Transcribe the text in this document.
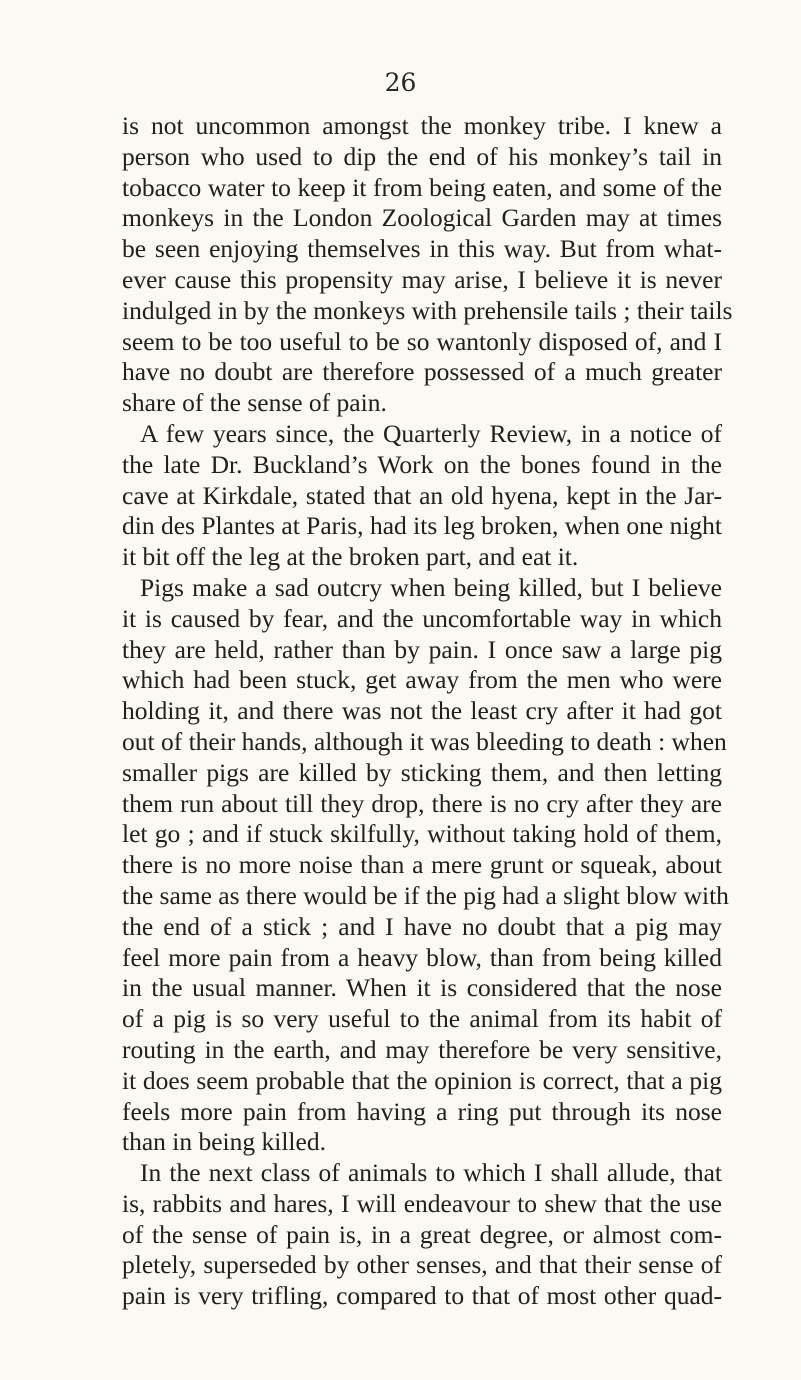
26
is not uncommon amongst the monkey tribe. I knew a
person who used to dip the end of his monkey’s tail in
tobacco water to keep it from being eaten, and some of the
monkeys in the London Zoological Garden may at times
be seen enjoying themselves in this way. But from what-
ever cause this propensity may arise, I believe it is never
indulged in by the monkeys with prehensile tails ; their tails
seem to be too useful to be so wantonly disposed of, and I
have no doubt are therefore possessed of a much greater
share of the sense of pain.
A few years since, the Quarterly Review, in a notice of
the late Dr. Buckland’s Work on the bones found in the
cave at Kirkdale, stated that an old hyena, kept in the Jar-
din des Plantes at Paris, had its leg broken, when one night
it bit off the leg at the broken part, and eat it.
Pigs make a sad outcry when being killed, but I believe
it is caused by fear, and the uncomfortable way in which
they are held, rather than by pain. I once saw a large pig
which had been stuck, get away from the men who were
holding it, and there was not the least cry after it had got
out of their hands, although it was bleeding to death : when
smaller pigs are killed by sticking them, and then letting
them run about till they drop, there is no cry after they are
let go ; and if stuck skilfully, without taking hold of them,
there is no more noise than a mere grunt or squeak, about
the same as there would be if the pig had a slight blow with
the end of a stick ; and I have no doubt that a pig may
feel more pain from a heavy blow, than from being killed
in the usual manner. When it is considered that the nose
of a pig is so very useful to the animal from its habit of
routing in the earth, and may therefore be very sensitive,
it does seem probable that the opinion is correct, that a pig
feels more pain from having a ring put through its nose
than in being killed.
In the next class of animals to which I shall allude, that
is, rabbits and hares, I will endeavour to shew that the use
of the sense of pain is, in a great degree, or almost com-
pletely, superseded by other senses, and that their sense of
pain is very trifling, compared to that of most other quad-
